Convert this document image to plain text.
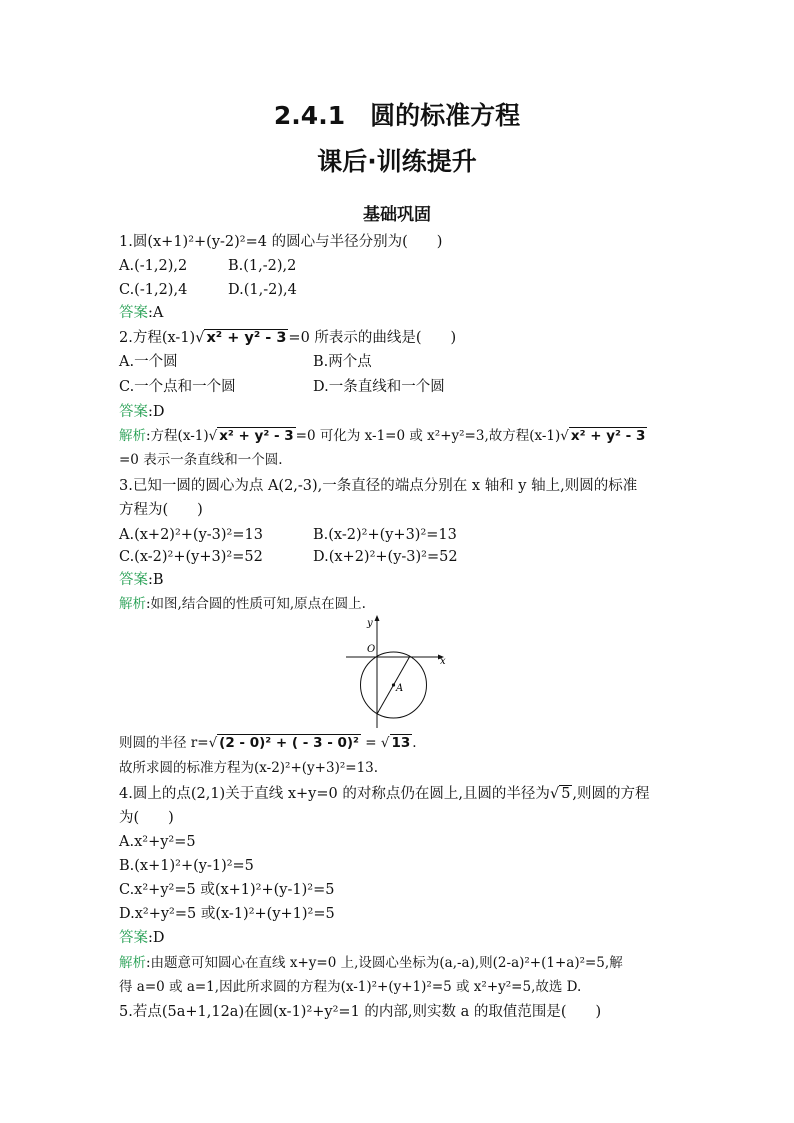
2.4.1　圆的标准方程
课后·训练提升
基础巩固
1.圆(x+1)²+(y-2)²=4 的圆心与半径分别为(　　)
A.(-1,2),2	B.(1,-2),2
C.(-1,2),4	D.(1,-2),4
答案:A
2.方程(x-1)√ x² + y² - 3 =0 所表示的曲线是(　　)
A.一个圆	B.两个点
C.一个点和一个圆	D.一条直线和一个圆
答案:D
解析:方程(x-1)√ x² + y² - 3 =0 可化为 x-1=0 或 x²+y²=3,故方程(x-1)√ x² + y² - 3
=0 表示一条直线和一个圆.
3.已知一圆的圆心为点 A(2,-3),一条直径的端点分别在 x 轴和 y 轴上,则圆的标准
方程为(　　)
A.(x+2)²+(y-3)²=13	B.(x-2)²+(y+3)²=13
C.(x-2)²+(y+3)²=52	D.(x+2)²+(y-3)²=52
答案:B
解析:如图,结合圆的性质可知,原点在圆上.
y
x
O
A
则圆的半径 r=√ (2 - 0)² + ( - 3 - 0)² = √ 13 .
故所求圆的标准方程为(x-2)²+(y+3)²=13.
4.圆上的点(2,1)关于直线 x+y=0 的对称点仍在圆上,且圆的半径为√ 5 ,则圆的方程
为(　　)
A.x²+y²=5
B.(x+1)²+(y-1)²=5
C.x²+y²=5 或(x+1)²+(y-1)²=5
D.x²+y²=5 或(x-1)²+(y+1)²=5
答案:D
解析:由题意可知圆心在直线 x+y=0 上,设圆心坐标为(a,-a),则(2-a)²+(1+a)²=5,解
得 a=0 或 a=1,因此所求圆的方程为(x-1)²+(y+1)²=5 或 x²+y²=5,故选 D.
5.若点(5a+1,12a)在圆(x-1)²+y²=1 的内部,则实数 a 的取值范围是(　　)
